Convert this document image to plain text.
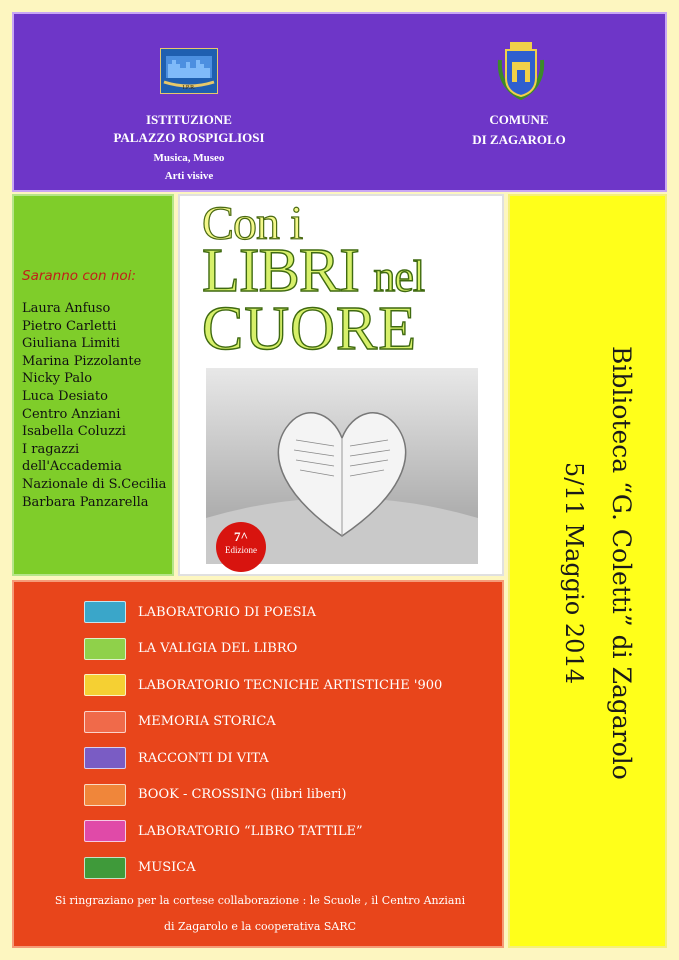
I.P.R.
ISTITUZIONE
PALAZZO ROSPIGLIOSI
Musica, Museo
Arti visive
COMUNE
DI ZAGAROLO
Saranno con noi:
Laura Anfuso
Pietro Carletti
Giuliana Limiti
Marina Pizzolante
Nicky Palo
Luca Desiato
Centro Anziani
Isabella Coluzzi
I ragazzi
dell'Accademia
Nazionale di S.Cecilia
Barbara Panzarella
Con i
LIBRI nel
CUORE
7^
Edizione	Biblioteca “G. Coletti” di Zagarolo
5/11 Maggio 2014
LABORATORIO DI POESIA
LA VALIGIA DEL LIBRO
LABORATORIO TECNICHE ARTISTICHE '900
MEMORIA STORICA
RACCONTI DI VITA
BOOK - CROSSING (libri liberi)
LABORATORIO “LIBRO TATTILE”
MUSICA
Si ringraziano per la cortese collaborazione : le Scuole , il Centro Anziani
di Zagarolo e la cooperativa SARC
